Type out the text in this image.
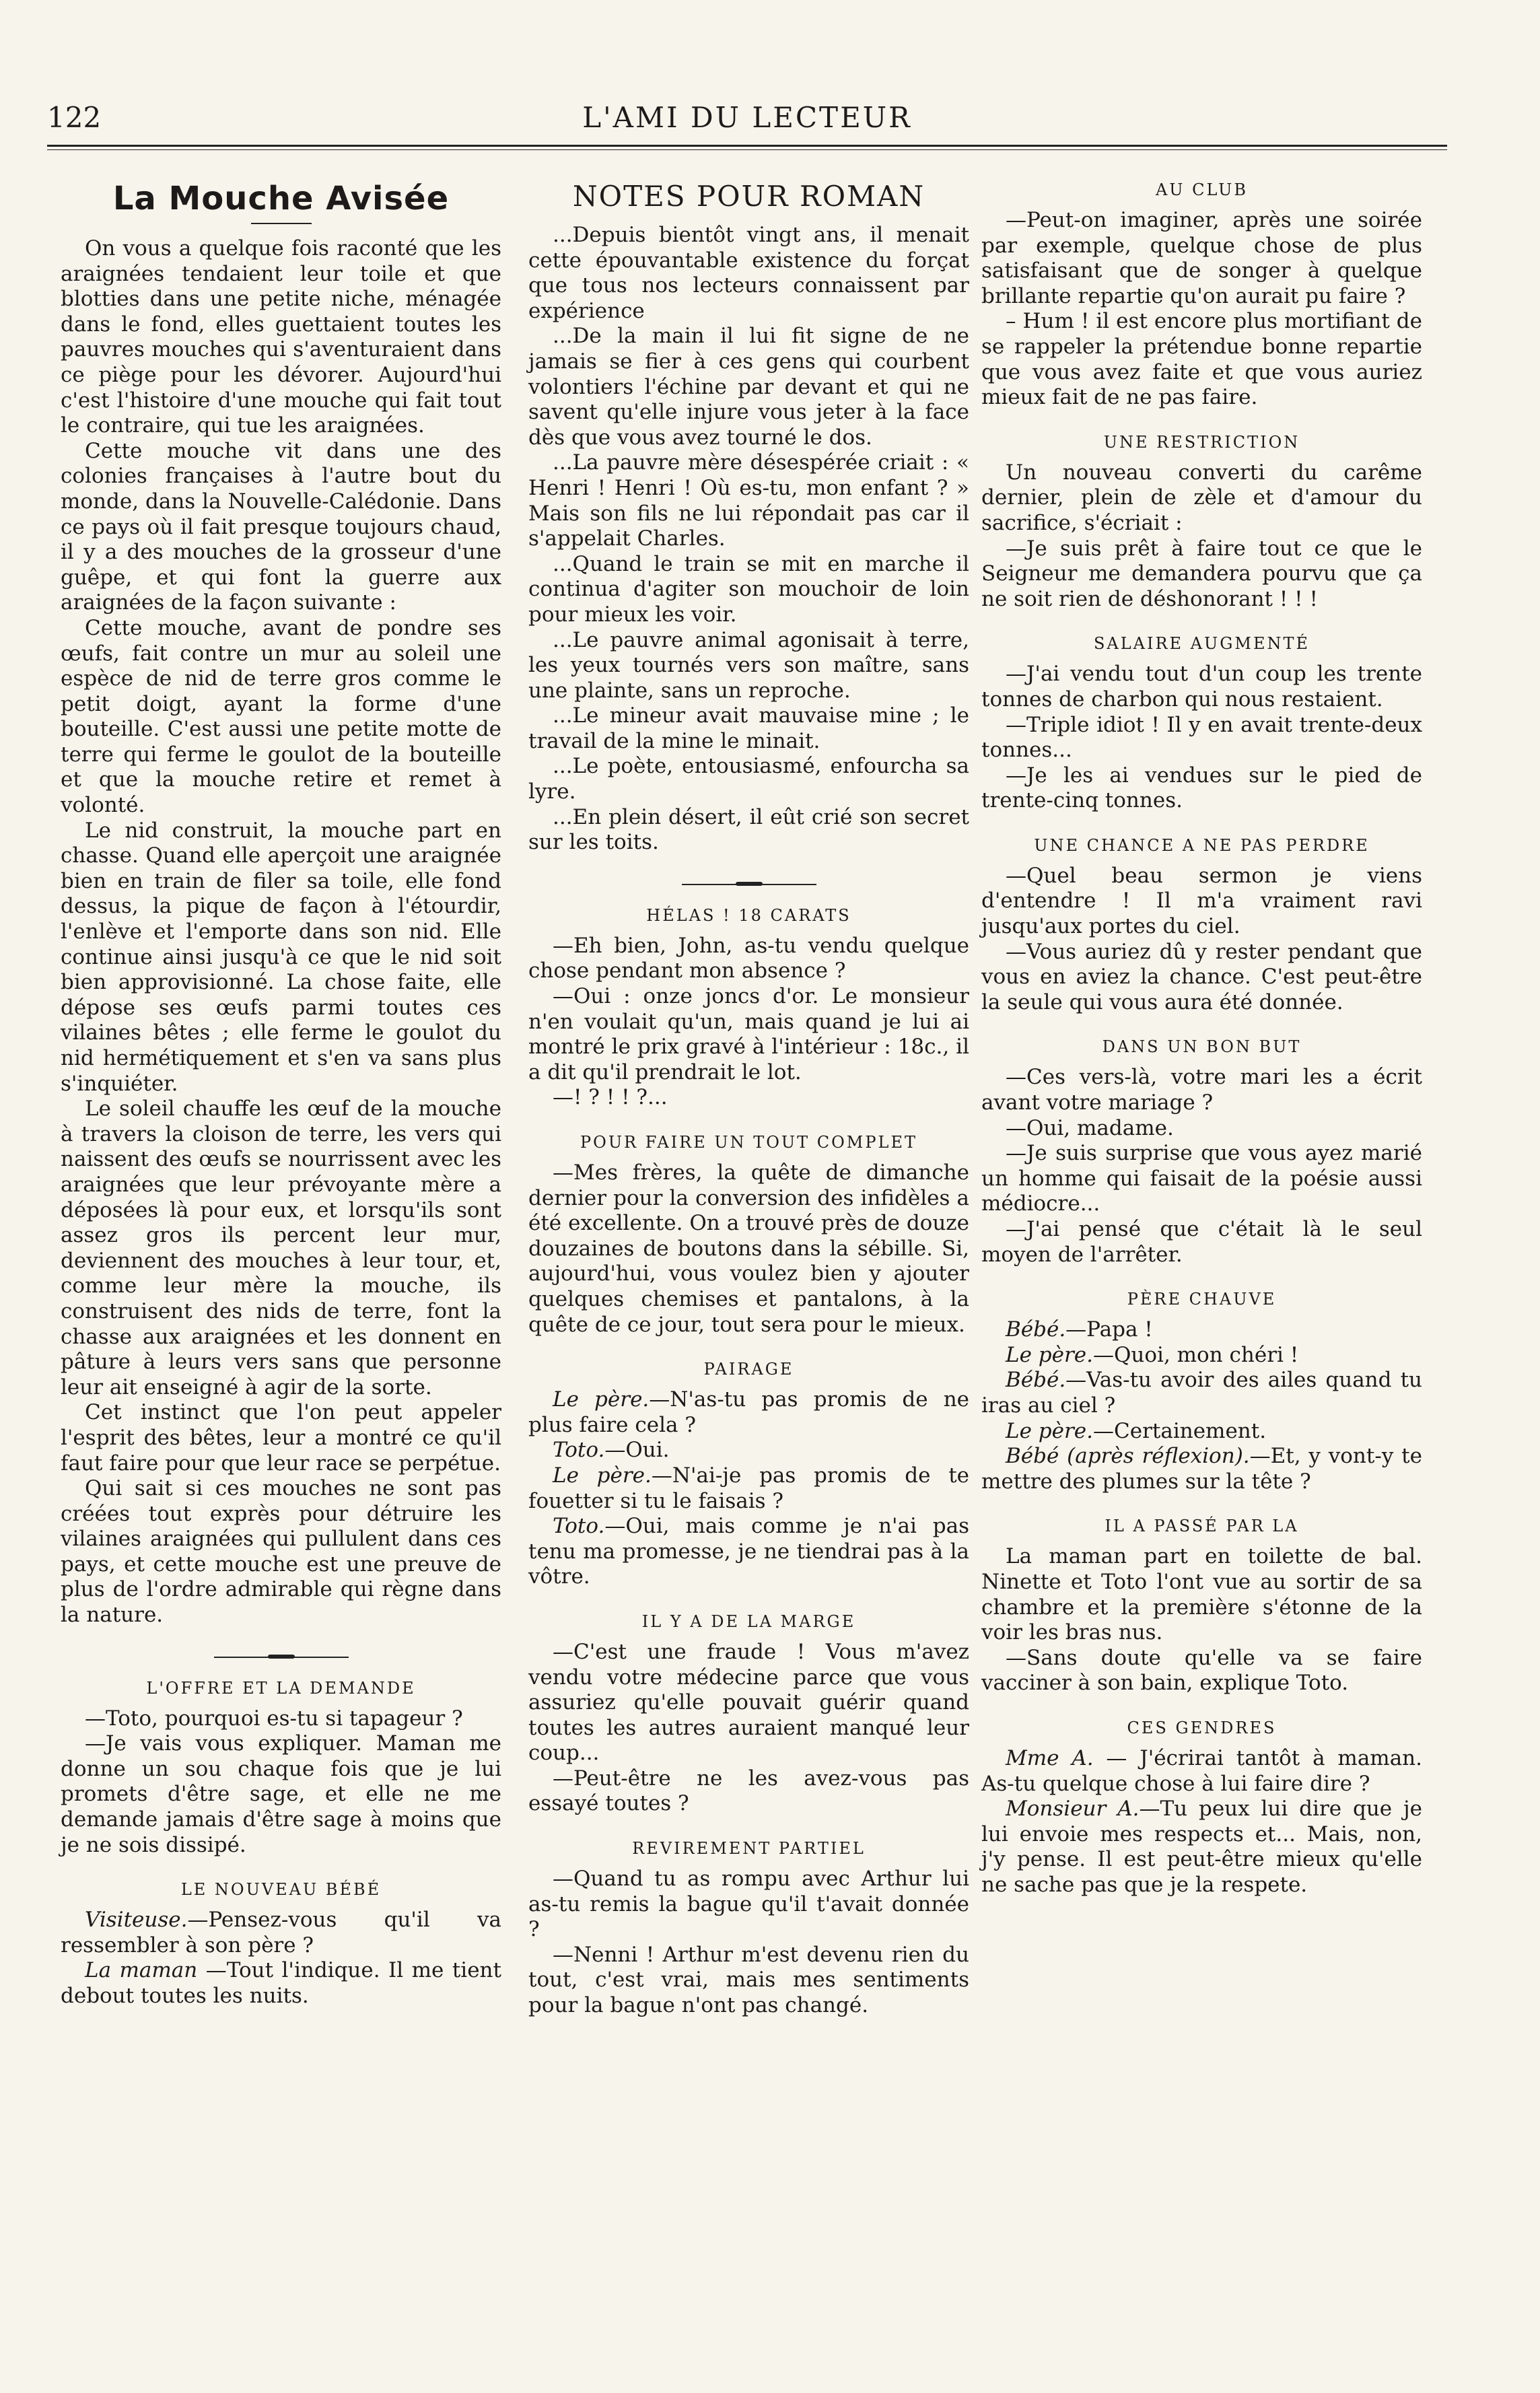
122	L'AMI DU LECTEUR
La Mouche Avisée

On vous a quelque fois raconté que les araignées tendaient leur toile et que blotties dans une petite niche, ménagée dans le fond, elles guettaient toutes les pauvres mouches qui s'aventuraient dans ce piège pour les dévorer. Aujourd'hui c'est l'histoire d'une mouche qui fait tout le contraire, qui tue les araignées.

Cette mouche vit dans une des colonies françaises à l'autre bout du monde, dans la Nouvelle-Calédonie. Dans ce pays où il fait presque toujours chaud, il y a des mouches de la grosseur d'une guêpe, et qui font la guerre aux araignées de la façon suivante :

Cette mouche, avant de pondre ses œufs, fait contre un mur au soleil une espèce de nid de terre gros comme le petit doigt, ayant la forme d'une bouteille. C'est aussi une petite motte de terre qui ferme le goulot de la bouteille et que la mouche retire et remet à volonté.

Le nid construit, la mouche part en chasse. Quand elle aperçoit une araignée bien en train de filer sa toile, elle fond dessus, la pique de façon à l'étourdir, l'enlève et l'emporte dans son nid. Elle continue ainsi jusqu'à ce que le nid soit bien approvisionné. La chose faite, elle dépose ses œufs parmi toutes ces vilaines bêtes ; elle ferme le goulot du nid hermétiquement et s'en va sans plus s'inquiéter.

Le soleil chauffe les œuf de la mouche à travers la cloison de terre, les vers qui naissent des œufs se nourrissent avec les araignées que leur prévoyante mère a déposées là pour eux, et lorsqu'ils sont assez gros ils percent leur mur, deviennent des mouches à leur tour, et, comme leur mère la mouche, ils construisent des nids de terre, font la chasse aux araignées et les donnent en pâture à leurs vers sans que personne leur ait enseigné à agir de la sorte.

Cet instinct que l'on peut appeler l'esprit des bêtes, leur a montré ce qu'il faut faire pour que leur race se perpétue.

Qui sait si ces mouches ne sont pas créées tout exprès pour détruire les vilaines araignées qui pullulent dans ces pays, et cette mouche est une preuve de plus de l'ordre admirable qui règne dans la nature.

L'OFFRE ET LA DEMANDE

—Toto, pourquoi es-tu si tapageur ?

—Je vais vous expliquer. Maman me donne un sou chaque fois que je lui promets d'être sage, et elle ne me demande jamais d'être sage à moins que je ne sois dissipé.

LE NOUVEAU BÉBÉ

Visiteuse.—Pensez-vous qu'il va ressembler à son père ?

La maman —Tout l'indique. Il me tient debout toutes les nuits.

NOTES POUR ROMAN

...Depuis bientôt vingt ans, il menait cette épouvantable existence du forçat que tous nos lecteurs connaissent par expérience

...De la main il lui fit signe de ne jamais se fier à ces gens qui courbent volontiers l'échine par devant et qui ne savent qu'elle injure vous jeter à la face dès que vous avez tourné le dos.

...La pauvre mère désespérée criait : « Henri ! Henri ! Où es-tu, mon enfant ? » Mais son fils ne lui répondait pas car il s'appelait Charles.

...Quand le train se mit en marche il continua d'agiter son mouchoir de loin pour mieux les voir.

...Le pauvre animal agonisait à terre, les yeux tournés vers son maître, sans une plainte, sans un reproche.

...Le mineur avait mauvaise mine ; le travail de la mine le minait.

...Le poète, entousiasmé, enfourcha sa lyre.

...En plein désert, il eût crié son secret sur les toits.

HÉLAS ! 18 CARATS

—Eh bien, John, as-tu vendu quelque chose pendant mon absence ?

—Oui : onze joncs d'or. Le monsieur n'en voulait qu'un, mais quand je lui ai montré le prix gravé à l'intérieur : 18c., il a dit qu'il prendrait le lot.

—! ? ! ! ?...

POUR FAIRE UN TOUT COMPLET

—Mes frères, la quête de dimanche dernier pour la conversion des infidèles a été excellente. On a trouvé près de douze douzaines de boutons dans la sébille. Si, aujourd'hui, vous voulez bien y ajouter quelques chemises et pantalons, à la quête de ce jour, tout sera pour le mieux.

PAIRAGE

Le père.—N'as-tu pas promis de ne plus faire cela ?

Toto.—Oui.

Le père.—N'ai-je pas promis de te fouetter si tu le faisais ?

Toto.—Oui, mais comme je n'ai pas tenu ma promesse, je ne tiendrai pas à la vôtre.

IL Y A DE LA MARGE

—C'est une fraude ! Vous m'avez vendu votre médecine parce que vous assuriez qu'elle pouvait guérir quand toutes les autres auraient manqué leur coup...

—Peut-être ne les avez-vous pas essayé toutes ?

REVIREMENT PARTIEL

—Quand tu as rompu avec Arthur lui as-tu remis la bague qu'il t'avait donnée ?

—Nenni ! Arthur m'est devenu rien du tout, c'est vrai, mais mes sentiments pour la bague n'ont pas changé.

AU CLUB

—Peut-on imaginer, après une soirée par exemple, quelque chose de plus satisfaisant que de songer à quelque brillante repartie qu'on aurait pu faire ?

– Hum ! il est encore plus mortifiant de se rappeler la prétendue bonne repartie que vous avez faite et que vous auriez mieux fait de ne pas faire.

UNE RESTRICTION

Un nouveau converti du carême dernier, plein de zèle et d'amour du sacrifice, s'écriait :

—Je suis prêt à faire tout ce que le Seigneur me demandera pourvu que ça ne soit rien de déshonorant ! ! !

SALAIRE AUGMENTÉ

—J'ai vendu tout d'un coup les trente tonnes de charbon qui nous restaient.

—Triple idiot ! Il y en avait trente-deux tonnes...

—Je les ai vendues sur le pied de trente-cinq tonnes.

UNE CHANCE A NE PAS PERDRE

—Quel beau sermon je viens d'entendre ! Il m'a vraiment ravi jusqu'aux portes du ciel.

—Vous auriez dû y rester pendant que vous en aviez la chance. C'est peut-être la seule qui vous aura été donnée.

DANS UN BON BUT

—Ces vers-là, votre mari les a écrit avant votre mariage ?

—Oui, madame.

—Je suis surprise que vous ayez marié un homme qui faisait de la poésie aussi médiocre...

—J'ai pensé que c'était là le seul moyen de l'arrêter.

PÈRE CHAUVE

Bébé.—Papa !

Le père.—Quoi, mon chéri !

Bébé.—Vas-tu avoir des ailes quand tu iras au ciel ?

Le père.—Certainement.

Bébé (après réflexion).—Et, y vont-y te mettre des plumes sur la tête ?

IL A PASSÉ PAR LA

La maman part en toilette de bal. Ninette et Toto l'ont vue au sortir de sa chambre et la première s'étonne de la voir les bras nus.

—Sans doute qu'elle va se faire vacciner à son bain, explique Toto.

CES GENDRES

Mme A. — J'écrirai tantôt à maman. As-tu quelque chose à lui faire dire ?

Monsieur A.—Tu peux lui dire que je lui envoie mes respects et... Mais, non, j'y pense. Il est peut-être mieux qu'elle ne sache pas que je la respete.
